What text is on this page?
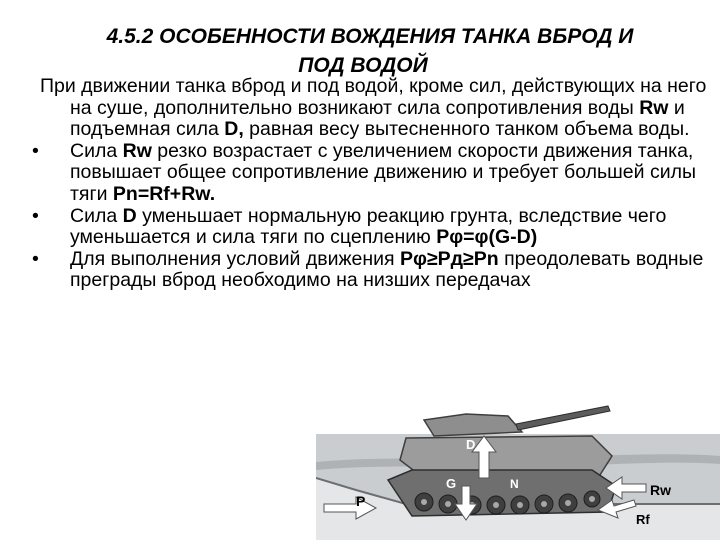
4.5.2 ОСОБЕННОСТИ ВОЖДЕНИЯ ТАНКА ВБРОД И
ПОД ВОДОЙ

При движении танка вброд и под водой, кроме сил, действующих на него на суше, дополнительно возникают сила сопротивления воды Rw и подъемная сила D, равная весу вытесненного танком объема воды.

• Сила Rw резко возрастает с увеличением скорости движения танка, повышает общее сопротивление движению и требует большей силы тяги Pn=Rf+Rw.

• Сила D уменьшает нормальную реакцию грунта, вследствие чего уменьшается и сила тяги по сцеплению Pφ=φ(G-D)

• Для выполнения условий движения Pφ≥Pд≥Pn преодолевать водные преграды вброд необходимо на низших передачах

D
G	N
P
Rw
Rf
